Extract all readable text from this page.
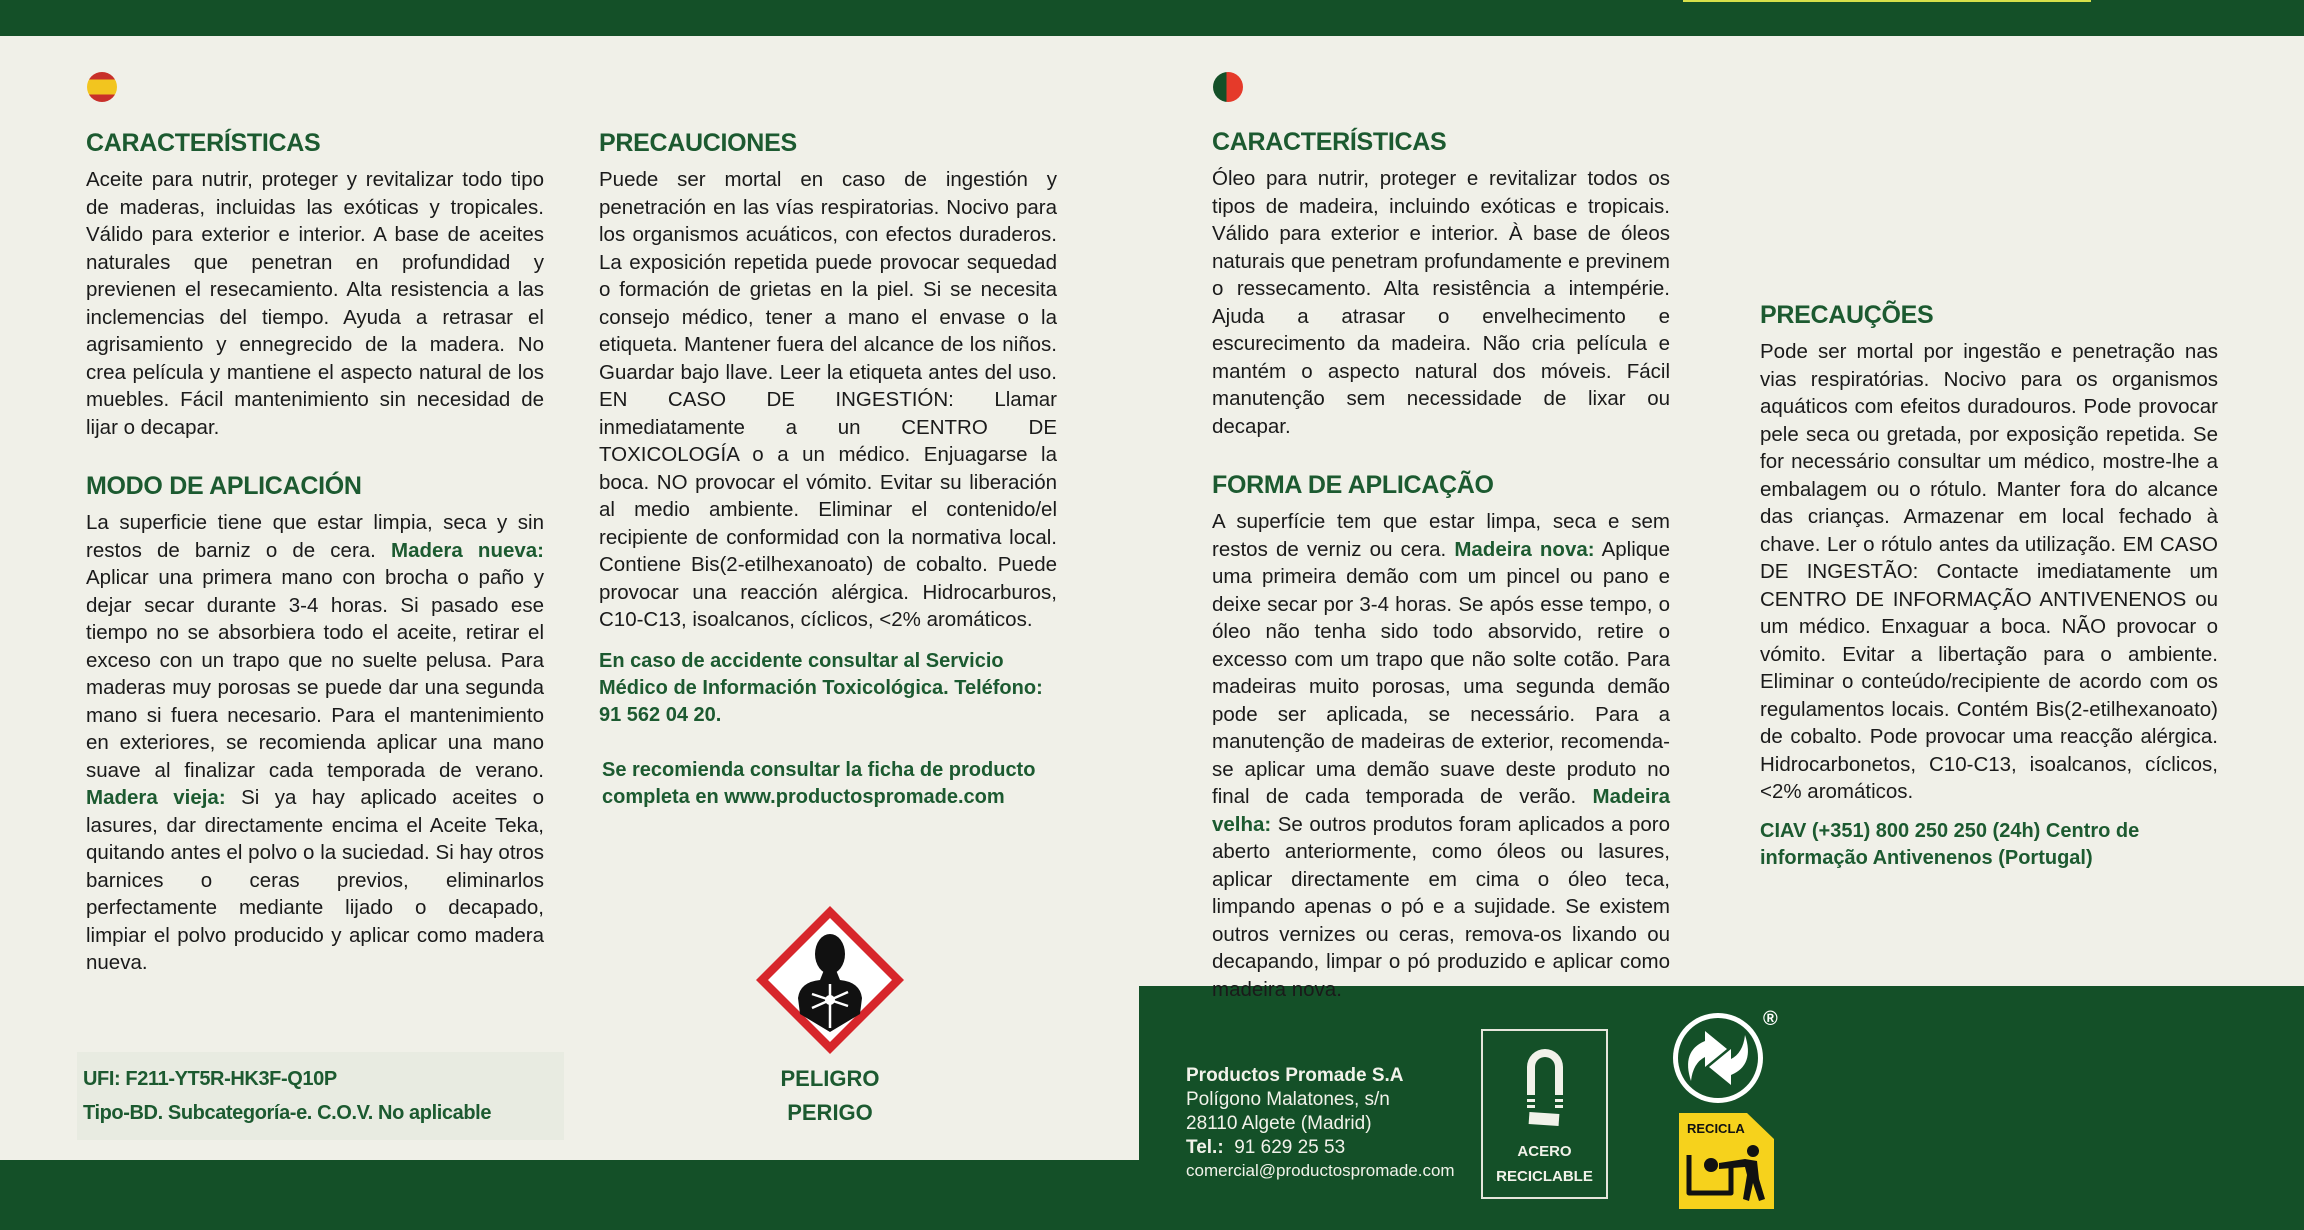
CARACTERÍSTICAS
Aceite para nutrir, proteger y revitalizar todo tipo de maderas, incluidas las exóticas y tropicales. Válido para exterior e interior. A base de aceites naturales que penetran en profundidad y previenen el resecamiento. Alta resistencia a las inclemencias del tiempo. Ayuda a retrasar el agrisamiento y ennegrecido de la madera. No crea película y mantiene el aspecto natural de los muebles. Fácil mantenimiento sin necesidad de lijar o decapar.
MODO DE APLICACIÓN
La superficie tiene que estar limpia, seca y sin restos de barniz o de cera. Madera nueva: Aplicar una primera mano con brocha o paño y dejar secar durante 3-4 horas. Si pasado ese tiempo no se absorbiera todo el aceite, retirar el exceso con un trapo que no suelte pelusa. Para maderas muy porosas se puede dar una segunda mano si fuera necesario. Para el mantenimiento en exteriores, se recomienda aplicar una mano suave al finalizar cada temporada de verano. Madera vieja: Si ya hay aplicado aceites o lasures, dar directamente encima el Aceite Teka, quitando antes el polvo o la suciedad. Si hay otros barnices o ceras previos, eliminarlos perfectamente mediante lijado o decapado, limpiar el polvo producido y aplicar como madera nueva.
PRECAUCIONES
Puede ser mortal en caso de ingestión y penetración en las vías respiratorias. Nocivo para los organismos acuáticos, con efectos duraderos. La exposición repetida puede provocar sequedad o formación de grietas en la piel. Si se necesita consejo médico, tener a mano el envase o la etiqueta. Mantener fuera del alcance de los niños. Guardar bajo llave. Leer la etiqueta antes del uso. EN CASO DE INGESTIÓN: Llamar inmediatamente a un CENTRO DE TOXICOLOGÍA o a un médico. Enjuagarse la boca. NO provocar el vómito. Evitar su liberación al medio ambiente. Eliminar el contenido/el recipiente de conformidad con la normativa local. Contiene Bis(2-etilhexanoato) de cobalto. Puede provocar una reacción alérgica. Hidrocarburos, C10-C13, isoalcanos, cíclicos, <2% aromáticos.
En caso de accidente consultar al Servicio Médico de Información Toxicológica. Teléfono: 91 562 04 20.
Se recomienda consultar la ficha de producto completa en www.productospromade.com
UFI: F211-YT5R-HK3F-Q10P
Tipo-BD. Subcategoría-e. C.O.V. No aplicable
PELIGRO
PERIGO
CARACTERÍSTICAS
Óleo para nutrir, proteger e revitalizar todos os tipos de madeira, incluindo exóticas e tropicais. Válido para exterior e interior. À base de óleos naturais que penetram profundamente e previnem o ressecamento. Alta resistência a intempérie. Ajuda a atrasar o envelhecimento e escurecimento da madeira. Não cria película e mantém o aspecto natural dos móveis. Fácil manutenção sem necessidade de lixar ou decapar.
FORMA DE APLICAÇÃO
A superfície tem que estar limpa, seca e sem restos de verniz ou cera. Madeira nova: Aplique uma primeira demão com um pincel ou pano e deixe secar por 3-4 horas. Se após esse tempo, o óleo não tenha sido todo absorvido, retire o excesso com um trapo que não solte cotão. Para madeiras muito porosas, uma segunda demão pode ser aplicada, se necessário. Para a manutenção de madeiras de exterior, recomenda-se aplicar uma demão suave deste produto no final de cada temporada de verão. Madeira velha: Se outros produtos foram aplicados a poro aberto anteriormente, como óleos ou lasures, aplicar directamente em cima o óleo teca, limpando apenas o pó e a sujidade. Se existem outros vernizes ou ceras, remova-os lixando ou decapando, limpar o pó produzido e aplicar como madeira nova.
PRECAUÇÕES
Pode ser mortal por ingestão e penetração nas vias respiratórias. Nocivo para os organismos aquáticos com efeitos duradouros. Pode provocar pele seca ou gretada, por exposição repetida. Se for necessário consultar um médico, mostre-lhe a embalagem ou o rótulo. Manter fora do alcance das crianças. Armazenar em local fechado à chave. Ler o rótulo antes da utilização. EM CASO DE INGESTÃO: Contacte imediatamente um CENTRO DE INFORMAÇÃO ANTIVENENOS ou um médico. Enxaguar a boca. NÃO provocar o vómito. Evitar a libertação para o ambiente. Eliminar o conteúdo/recipiente de acordo com os regulamentos locais. Contém Bis(2-etilhexanoato) de cobalto. Pode provocar uma reacção alérgica. Hidrocarbonetos, C10-C13, isoalcanos, cíclicos, <2% aromáticos.
CIAV (+351) 800 250 250 (24h) Centro de informação Antivenenos (Portugal)
Productos Promade S.A
Polígono Malatones, s/n
28110 Algete (Madrid)
Tel.: 91 629 25 53
comercial@productospromade.com
ACERO
RECICLABLE
®
RECICLA
